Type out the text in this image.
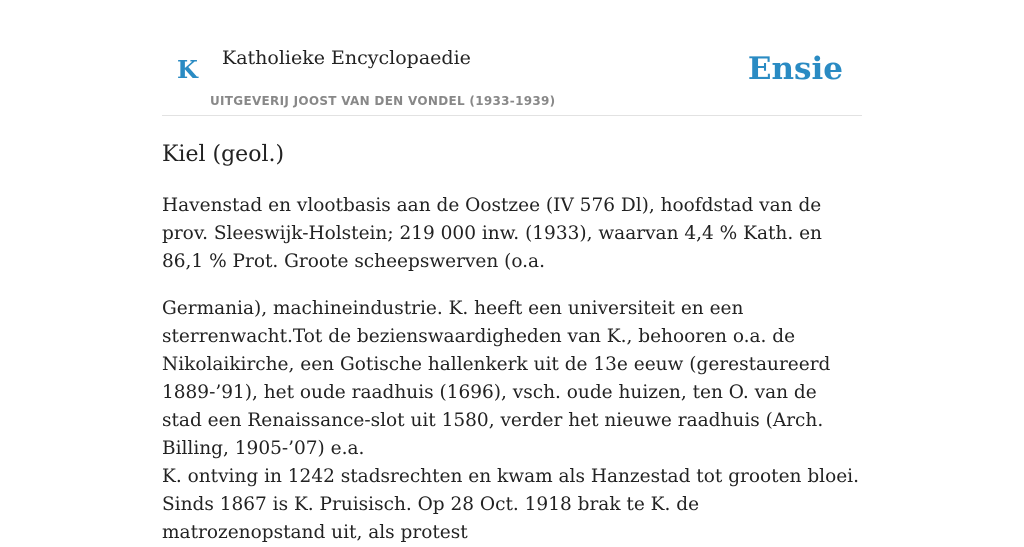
K Katholieke Encyclopaedie
UITGEVERIJ JOOST VAN DEN VONDEL (1933-1939)
Ensie
Kiel (geol.)

Havenstad en vlootbasis aan de Oostzee (IV 576 Dl), hoofdstad van de prov. Sleeswijk-Holstein; 219 000 inw. (1933), waarvan 4,4 % Kath. en 86,1 % Prot. Groote scheepswerven (o.a.

Germania), machineindustrie. K. heeft een universiteit en een sterrenwacht.Tot de bezienswaardigheden van K., behooren o.a. de Nikolaikirche, een Gotische hallenkerk uit de 13e eeuw (gerestaureerd 1889-’91), het oude raadhuis (1696), vsch. oude huizen, ten O. van de stad een Renaissance-slot uit 1580, verder het nieuwe raadhuis (Arch. Billing, 1905-’07) e.a.

K. ontving in 1242 stadsrechten en kwam als Hanzestad tot grooten bloei. Sinds 1867 is K. Pruisisch. Op 28 Oct. 1918 brak te K. de matrozenopstand uit, als protest
